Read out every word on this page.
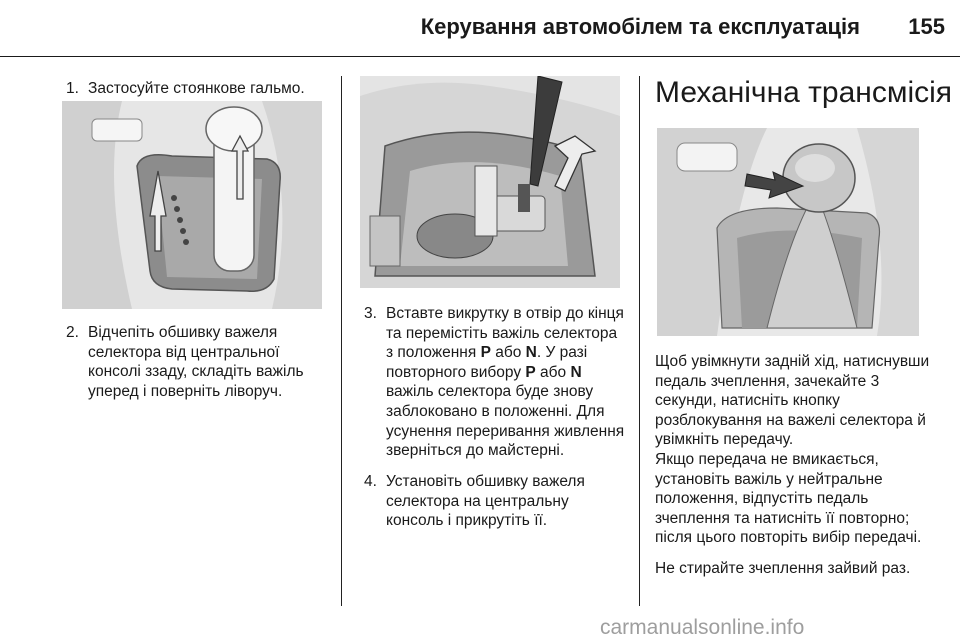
Керування автомобілем та експлуатація	155
1. Застосуйте стоянкове гальмо.
2. Відчепіть обшивку важеля селектора від центральної консолі ззаду, складіть важіль уперед і поверніть ліворуч.
3. Вставте викрутку в отвір до кінця та перемістіть важіль селектора з положення P або N. У разі повторного вибору P або N важіль селектора буде знову заблоковано в положенні. Для усунення переривання живлення зверніться до майстерні.
4. Установіть обшивку важеля селектора на центральну консоль і прикрутіть її.
Механічна трансмісія
Щоб увімкнути задній хід, натиснувши педаль зчеплення, зачекайте 3 секунди, натисніть кнопку розблокування на важелі селектора й увімкніть передачу.
Якщо передача не вмикається, установіть важіль у нейтральне положення, відпустіть педаль зчеплення та натисніть її повторно; після цього повторіть вибір передачі.
Не стирайте зчеплення зайвий раз.
carmanualsonline.info
